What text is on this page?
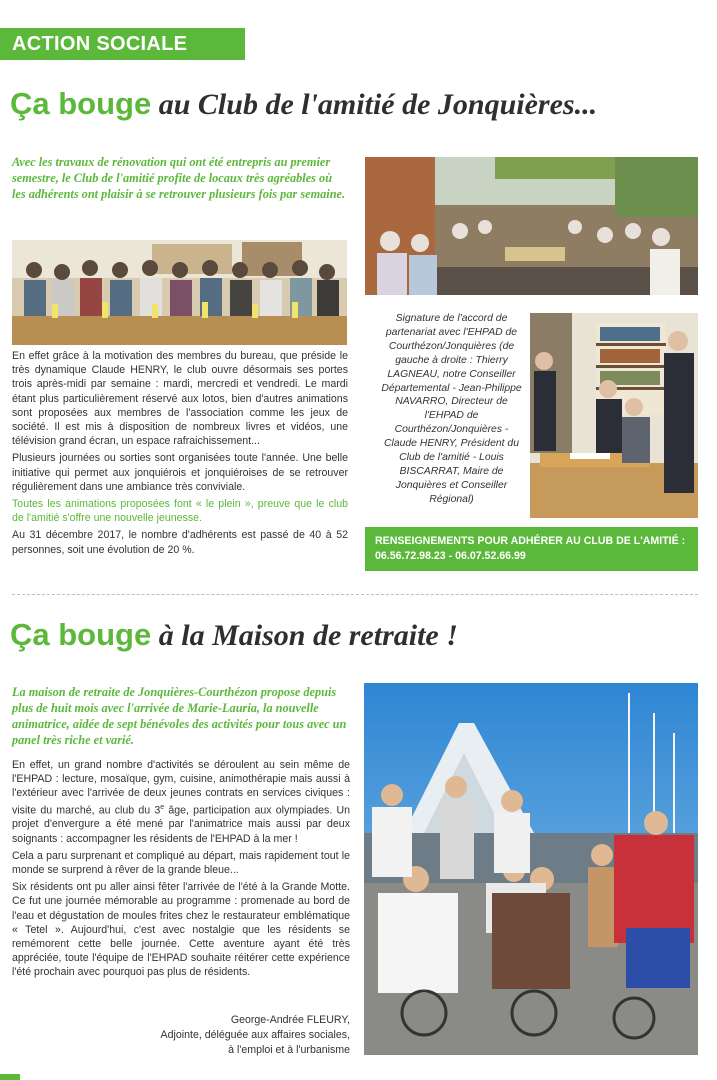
ACTION SOCIALE
Ça bouge au Club de l'amitié de Jonquières...
Avec les travaux de rénovation qui ont été entrepris au premier semestre, le Club de l'amitié profite de locaux très agréables où les adhérents ont plaisir à se retrouver plusieurs fois par semaine.

En effet grâce à la motivation des membres du bureau, que préside le très dynamique Claude HENRY, le club ouvre désormais ses portes trois après-midi par semaine : mardi, mercredi et vendredi. Le mardi étant plus particulièrement réservé aux lotos, bien d'autres animations sont proposées aux membres de l'association comme les jeux de société. Il est mis à disposition de nombreux livres et vidéos, une télévision grand écran, un espace rafraichissement...

Plusieurs journées ou sorties sont organisées toute l'année. Une belle initiative qui permet aux jonquiérois et jonquiéroises de se retrouver régulièrement dans une ambiance très conviviale.

Toutes les animations proposées font « le plein », preuve que le club de l'amitié s'offre une nouvelle jeunesse.

Au 31 décembre 2017, le nombre d'adhérents est passé de 40 à 52 personnes, soit une évolution de 20 %.

Signature de l'accord de partenariat avec l'EHPAD de Courthézon/Jonquières (de gauche à droite : Thierry LAGNEAU, notre Conseiller Départemental - Jean-Philippe NAVARRO, Directeur de l'EHPAD de Courthézon/Jonquières - Claude HENRY, Président du Club de l'amitié - Louis BISCARRAT, Maire de Jonquières et Conseiller Régional)
RENSEIGNEMENTS POUR ADHÉRER AU CLUB DE L'AMITIÉ : 06.56.72.98.23 - 06.07.52.66.99
Ça bouge à la Maison de retraite !
La maison de retraite de Jonquières-Courthézon propose depuis plus de huit mois avec l'arrivée de Marie-Lauria, la nouvelle animatrice, aidée de sept bénévoles des activités pour tous avec un panel très riche et varié.

En effet, un grand nombre d'activités se déroulent au sein même de l'EHPAD : lecture, mosaïque, gym, cuisine, animothérapie mais aussi à l'extérieur avec l'arrivée de deux jeunes contrats en services civiques : visite du marché, au club du 3e âge, participation aux olympiades. Un projet d'envergure a été mené par l'animatrice mais aussi par deux soignants : accompagner les résidents de l'EHPAD à la mer !

Cela a paru surprenant et compliqué au départ, mais rapidement tout le monde se surprend à rêver de la grande bleue...

Six résidents ont pu aller ainsi fêter l'arrivée de l'été à la Grande Motte. Ce fut une journée mémorable au programme : promenade au bord de l'eau et dégustation de moules frites chez le restaurateur emblématique « Tetel ». Aujourd'hui, c'est avec nostalgie que les résidents se remémorent cette belle journée. Cette aventure ayant été très appréciée, toute l'équipe de l'EHPAD souhaite réitérer cette expérience l'été prochain avec pourquoi pas plus de résidents.

George-Andrée FLEURY,
Adjointe, déléguée aux affaires sociales,
à l'emploi et à l'urbanisme
